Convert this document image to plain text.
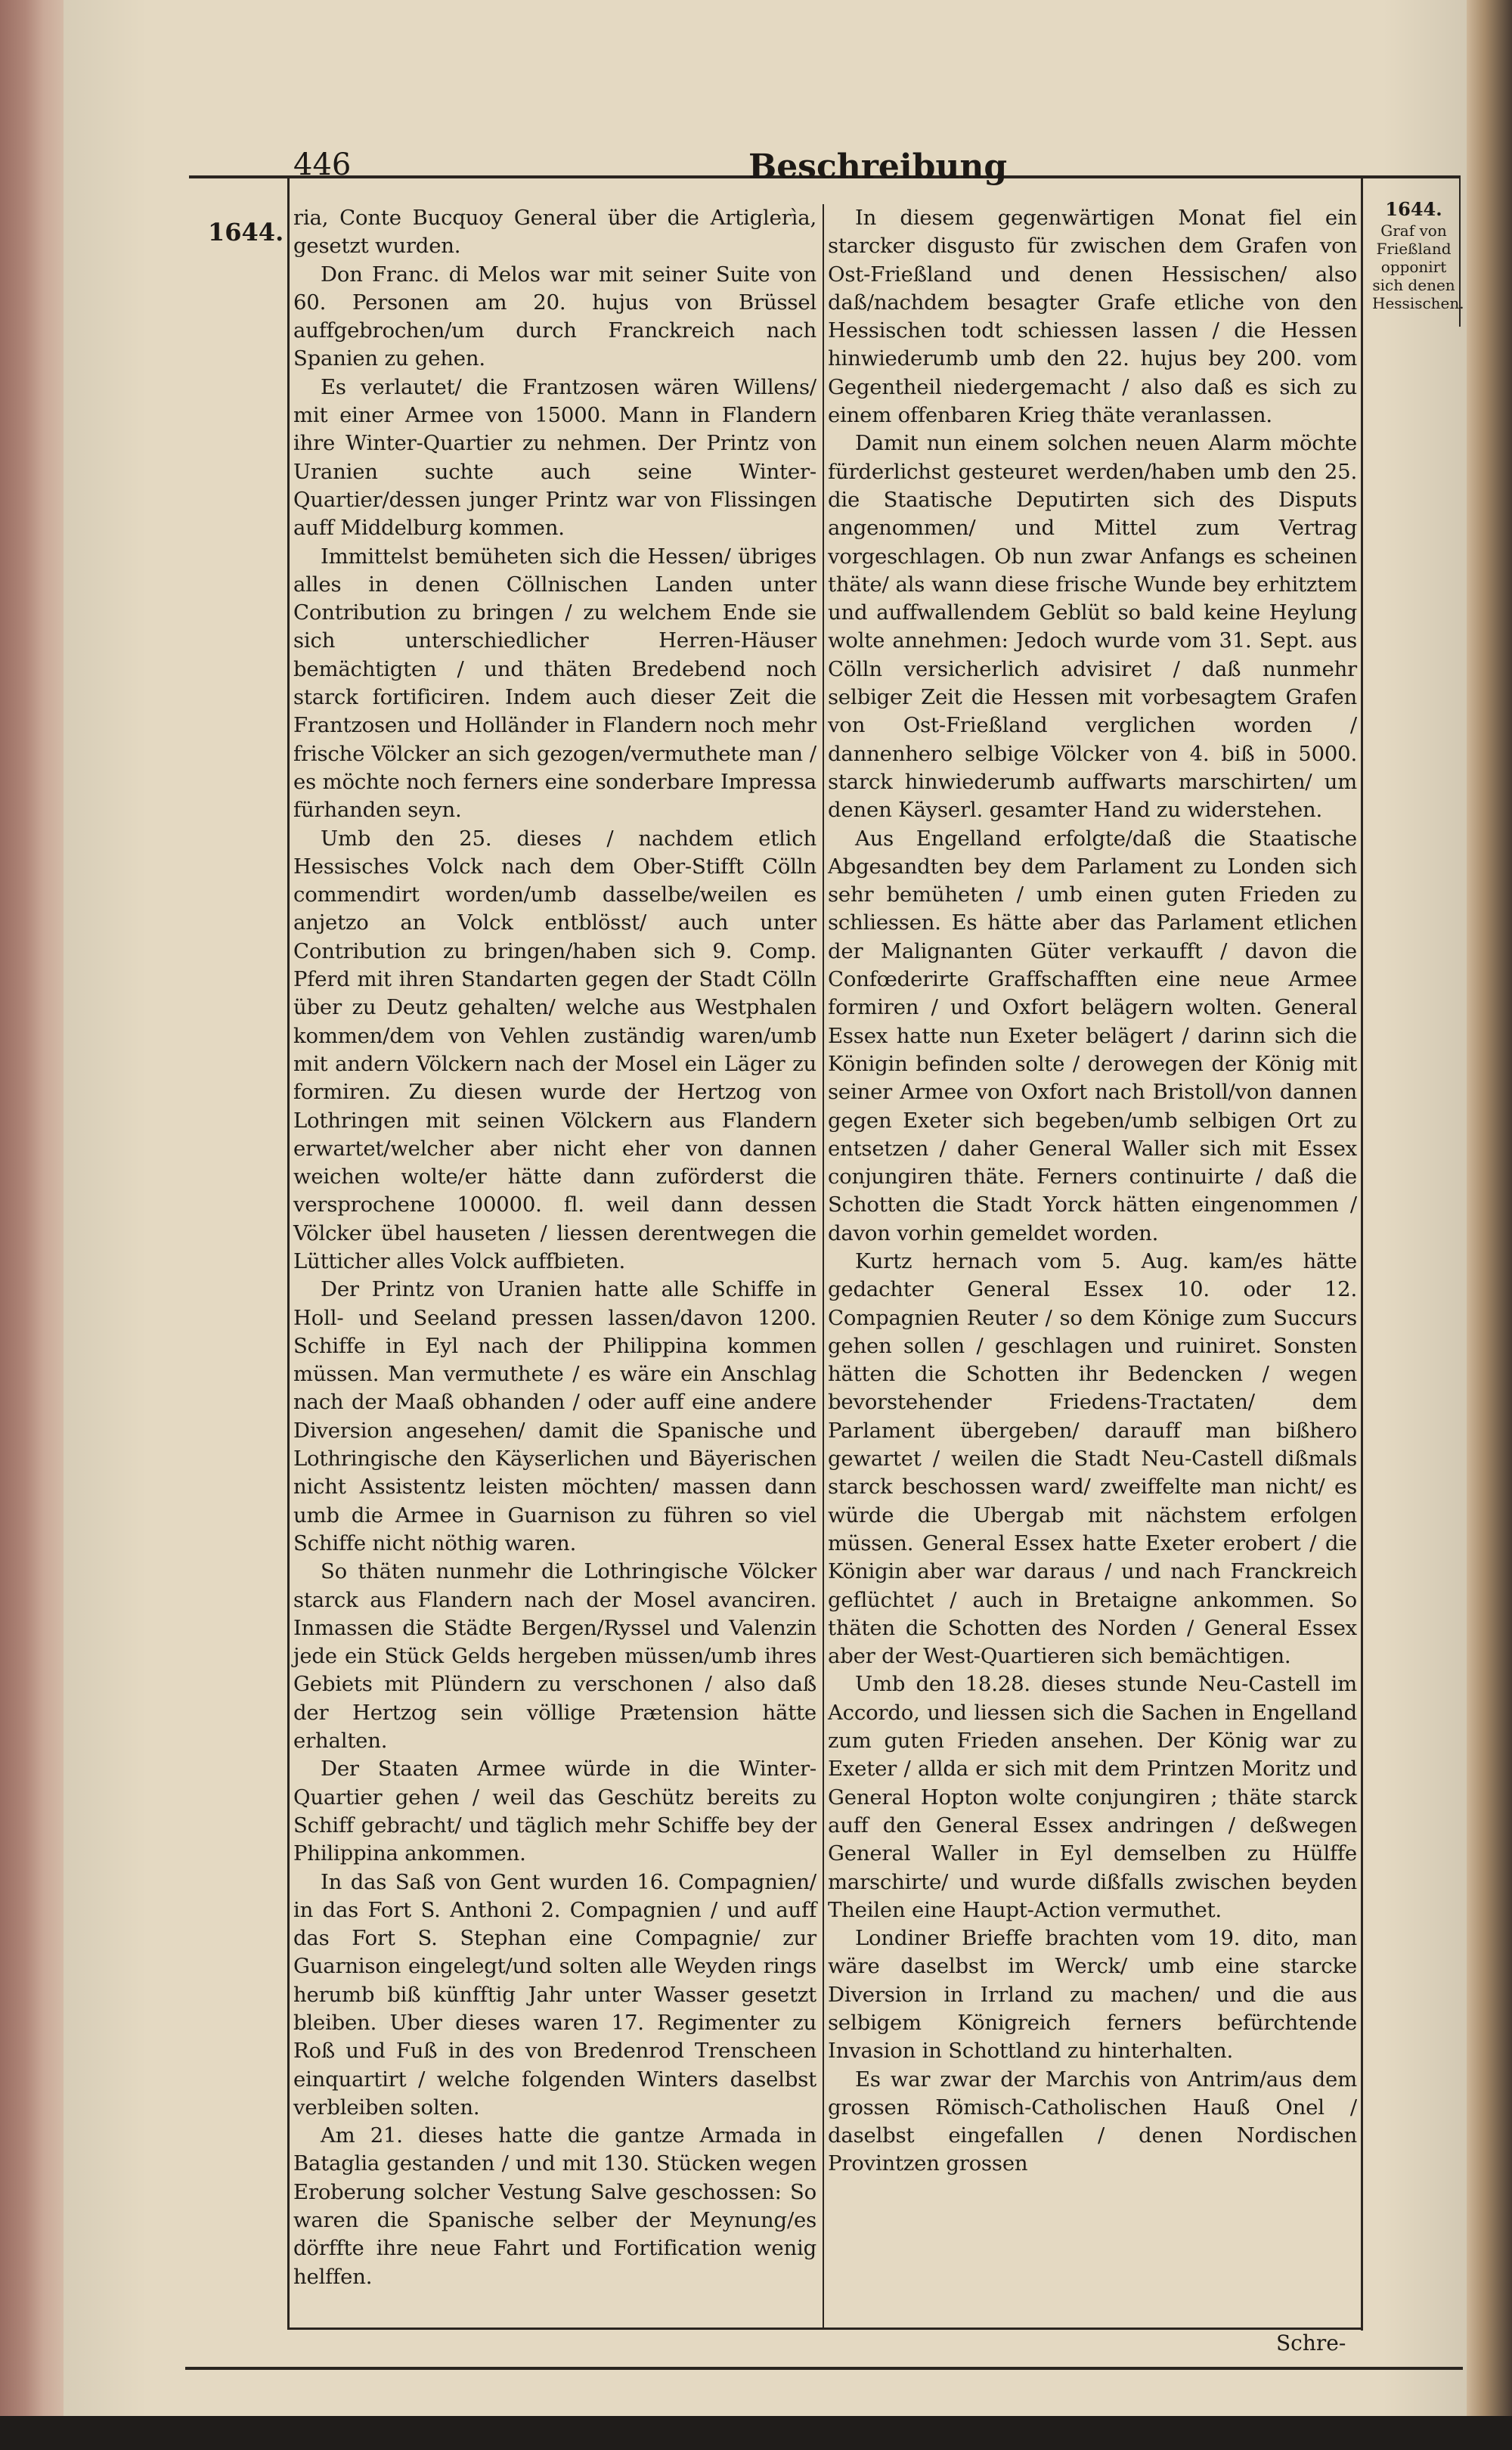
446	Beschreibung
1644.
1644.
Graf von Frießland opponirt sich denen Hessischen.

ria, Conte Bucquoy General über die Artiglerìa, gesetzt wurden.

Don Franc. di Melos war mit seiner Suite von 60. Personen am 20. hujus von Brüssel auffgebrochen/um durch Franckreich nach Spanien zu gehen.

Es verlautet/ die Frantzosen wären Willens/ mit einer Armee von 15000. Mann in Flandern ihre Winter-Quartier zu nehmen. Der Printz von Uranien suchte auch seine Winter-Quartier/dessen junger Printz war von Flissingen auff Middelburg kommen.

Immittelst bemüheten sich die Hessen/ übriges alles in denen Cöllnischen Landen unter Contribution zu bringen / zu welchem Ende sie sich unterschiedlicher Herren-Häuser bemächtigten / und thäten Bredebend noch starck fortificiren. Indem auch dieser Zeit die Frantzosen und Holländer in Flandern noch mehr frische Völcker an sich gezogen/vermuthete man / es möchte noch ferners eine sonderbare Impressa fürhanden seyn.

Umb den 25. dieses / nachdem etlich Hessisches Volck nach dem Ober-Stifft Cölln commendirt worden/umb dasselbe/weilen es anjetzo an Volck entblösst/ auch unter Contribution zu bringen/haben sich 9. Comp. Pferd mit ihren Standarten gegen der Stadt Cölln über zu Deutz gehalten/ welche aus Westphalen kommen/dem von Vehlen zuständig waren/umb mit andern Völckern nach der Mosel ein Läger zu formiren. Zu diesen wurde der Hertzog von Lothringen mit seinen Völckern aus Flandern erwartet/welcher aber nicht eher von dannen weichen wolte/er hätte dann zuförderst die versprochene 100000. fl. weil dann dessen Völcker übel hauseten / liessen derentwegen die Lütticher alles Volck auffbieten.

Der Printz von Uranien hatte alle Schiffe in Holl- und Seeland pressen lassen/davon 1200. Schiffe in Eyl nach der Philippina kommen müssen. Man vermuthete / es wäre ein Anschlag nach der Maaß obhanden / oder auff eine andere Diversion angesehen/ damit die Spanische und Lothringische den Käyserlichen und Bäyerischen nicht Assistentz leisten möchten/ massen dann umb die Armee in Guarnison zu führen so viel Schiffe nicht nöthig waren.

So thäten nunmehr die Lothringische Völcker starck aus Flandern nach der Mosel avanciren. Inmassen die Städte Bergen/Ryssel und Valenzin jede ein Stück Gelds hergeben müssen/umb ihres Gebiets mit Plündern zu verschonen / also daß der Hertzog sein völlige Prætension hätte erhalten.

Der Staaten Armee würde in die Winter-Quartier gehen / weil das Geschütz bereits zu Schiff gebracht/ und täglich mehr Schiffe bey der Philippina ankommen.

In das Saß von Gent wurden 16. Compagnien/ in das Fort S. Anthoni 2. Compagnien / und auff das Fort S. Stephan eine Compagnie/ zur Guarnison eingelegt/und solten alle Weyden rings herumb biß künfftig Jahr unter Wasser gesetzt bleiben. Uber dieses waren 17. Regimenter zu Roß und Fuß in des von Bredenrod Trenscheen einquartirt / welche folgenden Winters daselbst verbleiben solten.

Am 21. dieses hatte die gantze Armada in Bataglia gestanden / und mit 130. Stücken wegen Eroberung solcher Vestung Salve geschossen: So waren die Spanische selber der Meynung/es dörffte ihre neue Fahrt und Fortification wenig helffen.

In diesem gegenwärtigen Monat fiel ein starcker disgusto für zwischen dem Grafen von Ost-Frießland und denen Hessischen/ also daß/nachdem besagter Grafe etliche von den Hessischen todt schiessen lassen / die Hessen hinwiederumb umb den 22. hujus bey 200. vom Gegentheil niedergemacht / also daß es sich zu einem offenbaren Krieg thäte veranlassen.

Damit nun einem solchen neuen Alarm möchte fürderlichst gesteuret werden/haben umb den 25. die Staatische Deputirten sich des Disputs angenommen/ und Mittel zum Vertrag vorgeschlagen. Ob nun zwar Anfangs es scheinen thäte/ als wann diese frische Wunde bey erhitztem und auffwallendem Geblüt so bald keine Heylung wolte annehmen: Jedoch wurde vom 31. Sept. aus Cölln versicherlich advisiret / daß nunmehr selbiger Zeit die Hessen mit vorbesagtem Grafen von Ost-Frießland verglichen worden / dannenhero selbige Völcker von 4. biß in 5000. starck hinwiederumb auffwarts marschirten/ um denen Käyserl. gesamter Hand zu widerstehen.

Aus Engelland erfolgte/daß die Staatische Abgesandten bey dem Parlament zu Londen sich sehr bemüheten / umb einen guten Frieden zu schliessen. Es hätte aber das Parlament etlichen der Malignanten Güter verkaufft / davon die Confœderirte Graffschafften eine neue Armee formiren / und Oxfort belägern wolten. General Essex hatte nun Exeter belägert / darinn sich die Königin befinden solte / derowegen der König mit seiner Armee von Oxfort nach Bristoll/von dannen gegen Exeter sich begeben/umb selbigen Ort zu entsetzen / daher General Waller sich mit Essex conjungiren thäte. Ferners continuirte / daß die Schotten die Stadt Yorck hätten eingenommen / davon vorhin gemeldet worden.

Kurtz hernach vom 5. Aug. kam/es hätte gedachter General Essex 10. oder 12. Compagnien Reuter / so dem Könige zum Succurs gehen sollen / geschlagen und ruiniret. Sonsten hätten die Schotten ihr Bedencken / wegen bevorstehender Friedens-Tractaten/ dem Parlament übergeben/ darauff man bißhero gewartet / weilen die Stadt Neu-Castell dißmals starck beschossen ward/ zweiffelte man nicht/ es würde die Ubergab mit nächstem erfolgen müssen. General Essex hatte Exeter erobert / die Königin aber war daraus / und nach Franckreich geflüchtet / auch in Bretaigne ankommen. So thäten die Schotten des Norden / General Essex aber der West-Quartieren sich bemächtigen.

Umb den 18.28. dieses stunde Neu-Castell im Accordo, und liessen sich die Sachen in Engelland zum guten Frieden ansehen. Der König war zu Exeter / allda er sich mit dem Printzen Moritz und General Hopton wolte conjungiren ; thäte starck auff den General Essex andringen / deßwegen General Waller in Eyl demselben zu Hülffe marschirte/ und wurde dißfalls zwischen beyden Theilen eine Haupt-Action vermuthet.

Londiner Brieffe brachten vom 19. dito, man wäre daselbst im Werck/ umb eine starcke Diversion in Irrland zu machen/ und die aus selbigem Königreich ferners befürchtende Invasion in Schottland zu hinterhalten.

Es war zwar der Marchis von Antrim/aus dem grossen Römisch-Catholischen Hauß Onel / daselbst eingefallen / denen Nordischen Provintzen grossen

Schre-
